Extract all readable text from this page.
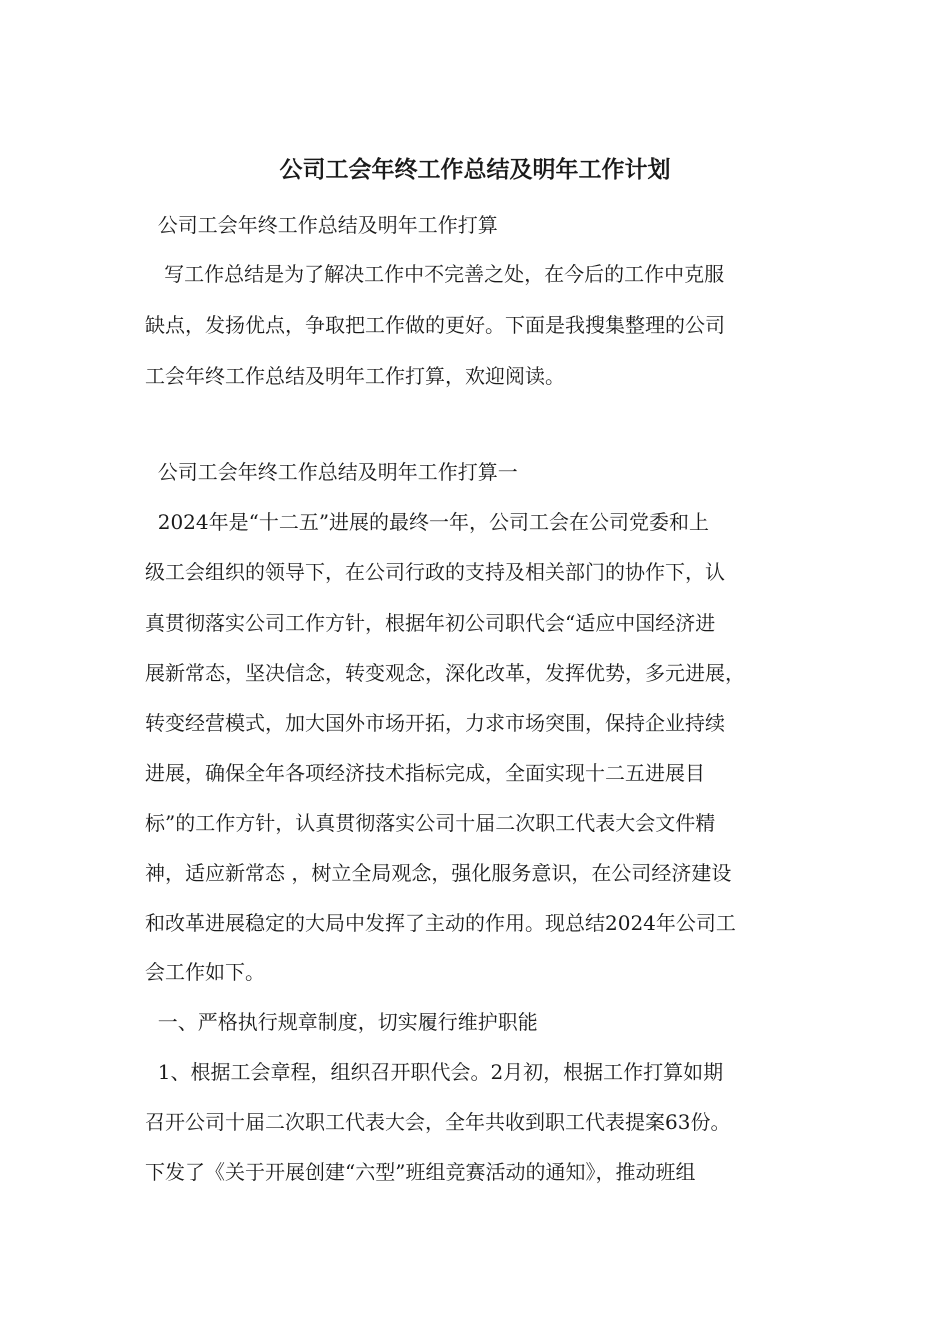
公司工会年终工作总结及明年工作计划
公司工会年终工作总结及明年工作打算
写工作总结是为了解决工作中不完善之处，在今后的工作中克服
缺点，发扬优点，争取把工作做的更好。下面是我搜集整理的公司
工会年终工作总结及明年工作打算，欢迎阅读。
公司工会年终工作总结及明年工作打算一
2024年是“十二五”进展的最终一年，公司工会在公司党委和上
级工会组织的领导下，在公司行政的支持及相关部门的协作下，认
真贯彻落实公司工作方针，根据年初公司职代会“适应中国经济进
展新常态，坚决信念，转变观念，深化改革，发挥优势，多元进展，
转变经营模式，加大国外市场开拓，力求市场突围，保持企业持续
进展，确保全年各项经济技术指标完成，全面实现十二五进展目
标”的工作方针，认真贯彻落实公司十届二次职工代表大会文件精
神，适应新常态 ，树立全局观念，强化服务意识，在公司经济建设
和改革进展稳定的大局中发挥了主动的作用。现总结2024年公司工
会工作如下。
一、严格执行规章制度，切实履行维护职能
1、根据工会章程，组织召开职代会。2月初，根据工作打算如期
召开公司十届二次职工代表大会，全年共收到职工代表提案63份。
下发了《关于开展创建“六型”班组竞赛活动的通知》，推动班组
